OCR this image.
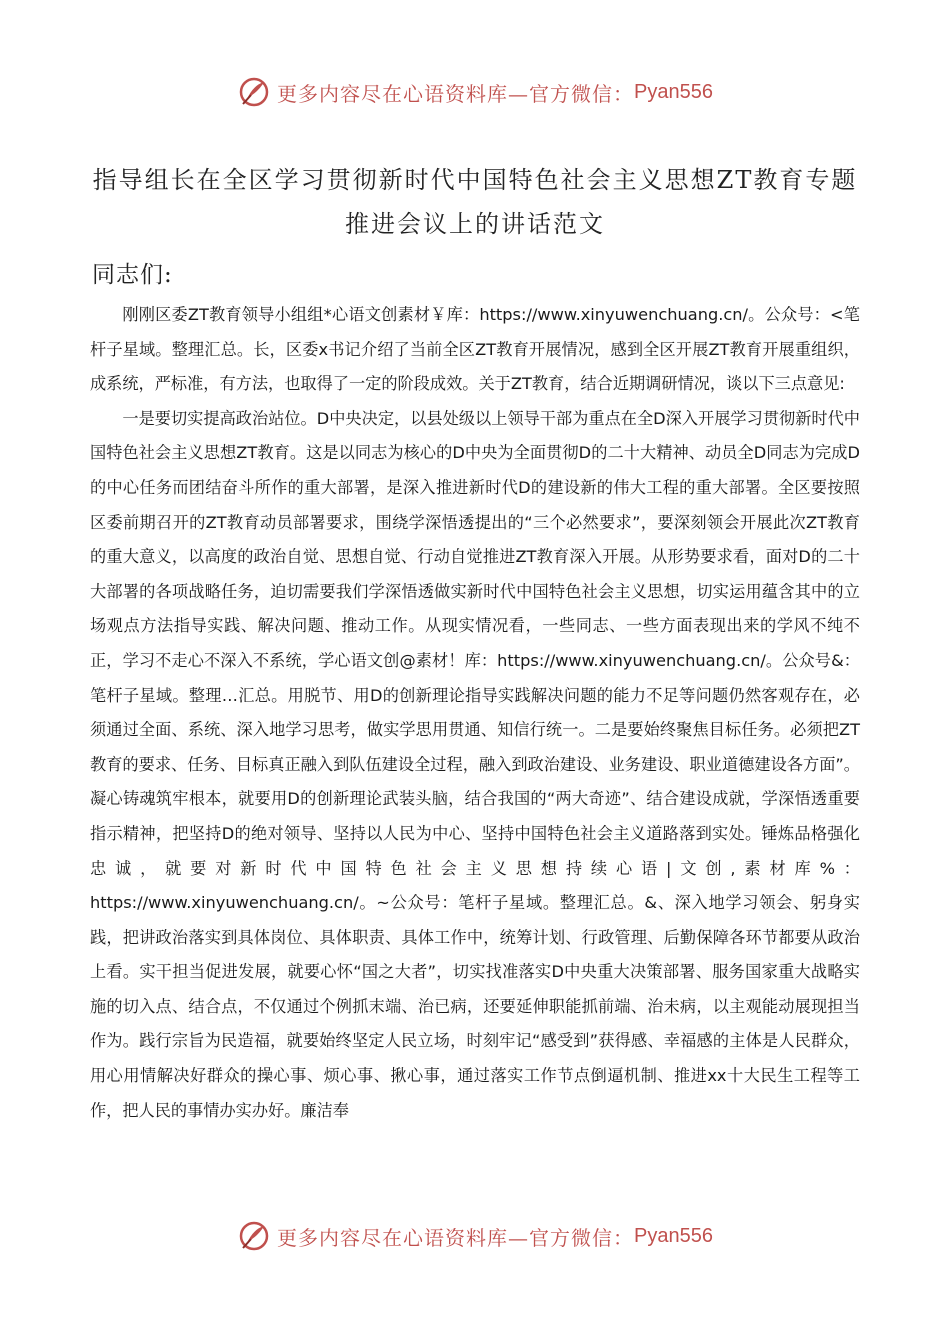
更多内容尽在心语资料库—官方微信： Pyan556
指导组长在全区学习贯彻新时代中国特色社会主义思想ZT教育专题
推进会议上的讲话范文

同志们:

刚刚区委ZT教育领导小组组*心语文创素材￥库：https://www.xinyuwenchuang.cn/。公众号：<笔杆子星域。整理汇总。长，区委x书记介绍了当前全区ZT教育开展情况，感到全区开展ZT教育开展重组织，成系统，严标准，有方法，也取得了一定的阶段成效。关于ZT教育，结合近期调研情况，谈以下三点意见:

一是要切实提高政治站位。D中央决定，以县处级以上领导干部为重点在全D深入开展学习贯彻新时代中国特色社会主义思想ZT教育。这是以同志为核心的D中央为全面贯彻D的二十大精神、动员全D同志为完成D的中心任务而团结奋斗所作的重大部署，是深入推进新时代D的建设新的伟大工程的重大部署。全区要按照区委前期召开的ZT教育动员部署要求，围绕学深悟透提出的“三个必然要求”，要深刻领会开展此次ZT教育的重大意义，以高度的政治自觉、思想自觉、行动自觉推进ZT教育深入开展。从形势要求看，面对D的二十大部署的各项战略任务，迫切需要我们学深悟透做实新时代中国特色社会主义思想，切实运用蕴含其中的立场观点方法指导实践、解决问题、推动工作。从现实情况看，一些同志、一些方面表现出来的学风不纯不正，学习不走心不深入不系统，学心语文创@素材！库：https://www.xinyuwenchuang.cn/。公众号&：笔杆子星域。整理…汇总。用脱节、用D的创新理论指导实践解决问题的能力不足等问题仍然客观存在，必须通过全面、系统、深入地学习思考，做实学思用贯通、知信行统一。二是要始终聚焦目标任务。必须把ZT教育的要求、任务、目标真正融入到队伍建设全过程，融入到政治建设、业务建设、职业道德建设各方面”。凝心铸魂筑牢根本，就要用D的创新理论武装头脑，结合我国的“两大奇迹”、结合建设成就，学深悟透重要指示精神，把坚持D的绝对领导、坚持以人民为中心、坚持中国特色社会主义道路落到实处。锤炼品格强化忠诚，就要对新时代中国特色社会主义思想持续心语|文创,素材库%：https://www.xinyuwenchuang.cn/。~公众号：笔杆子星域。整理汇总。&、深入地学习领会、躬身实践，把讲政治落实到具体岗位、具体职责、具体工作中，统筹计划、行政管理、后勤保障各环节都要从政治上看。实干担当促进发展，就要心怀“国之大者”，切实找准落实D中央重大决策部署、服务国家重大战略实施的切入点、结合点，不仅通过个例抓末端、治已病，还要延伸职能抓前端、治未病，以主观能动展现担当作为。践行宗旨为民造福，就要始终坚定人民立场，时刻牢记“感受到”获得感、幸福感的主体是人民群众，用心用情解决好群众的操心事、烦心事、揪心事，通过落实工作节点倒逼机制、推进xx十大民生工程等工作，把人民的事情办实办好。廉洁奉

更多内容尽在心语资料库—官方微信： Pyan556
